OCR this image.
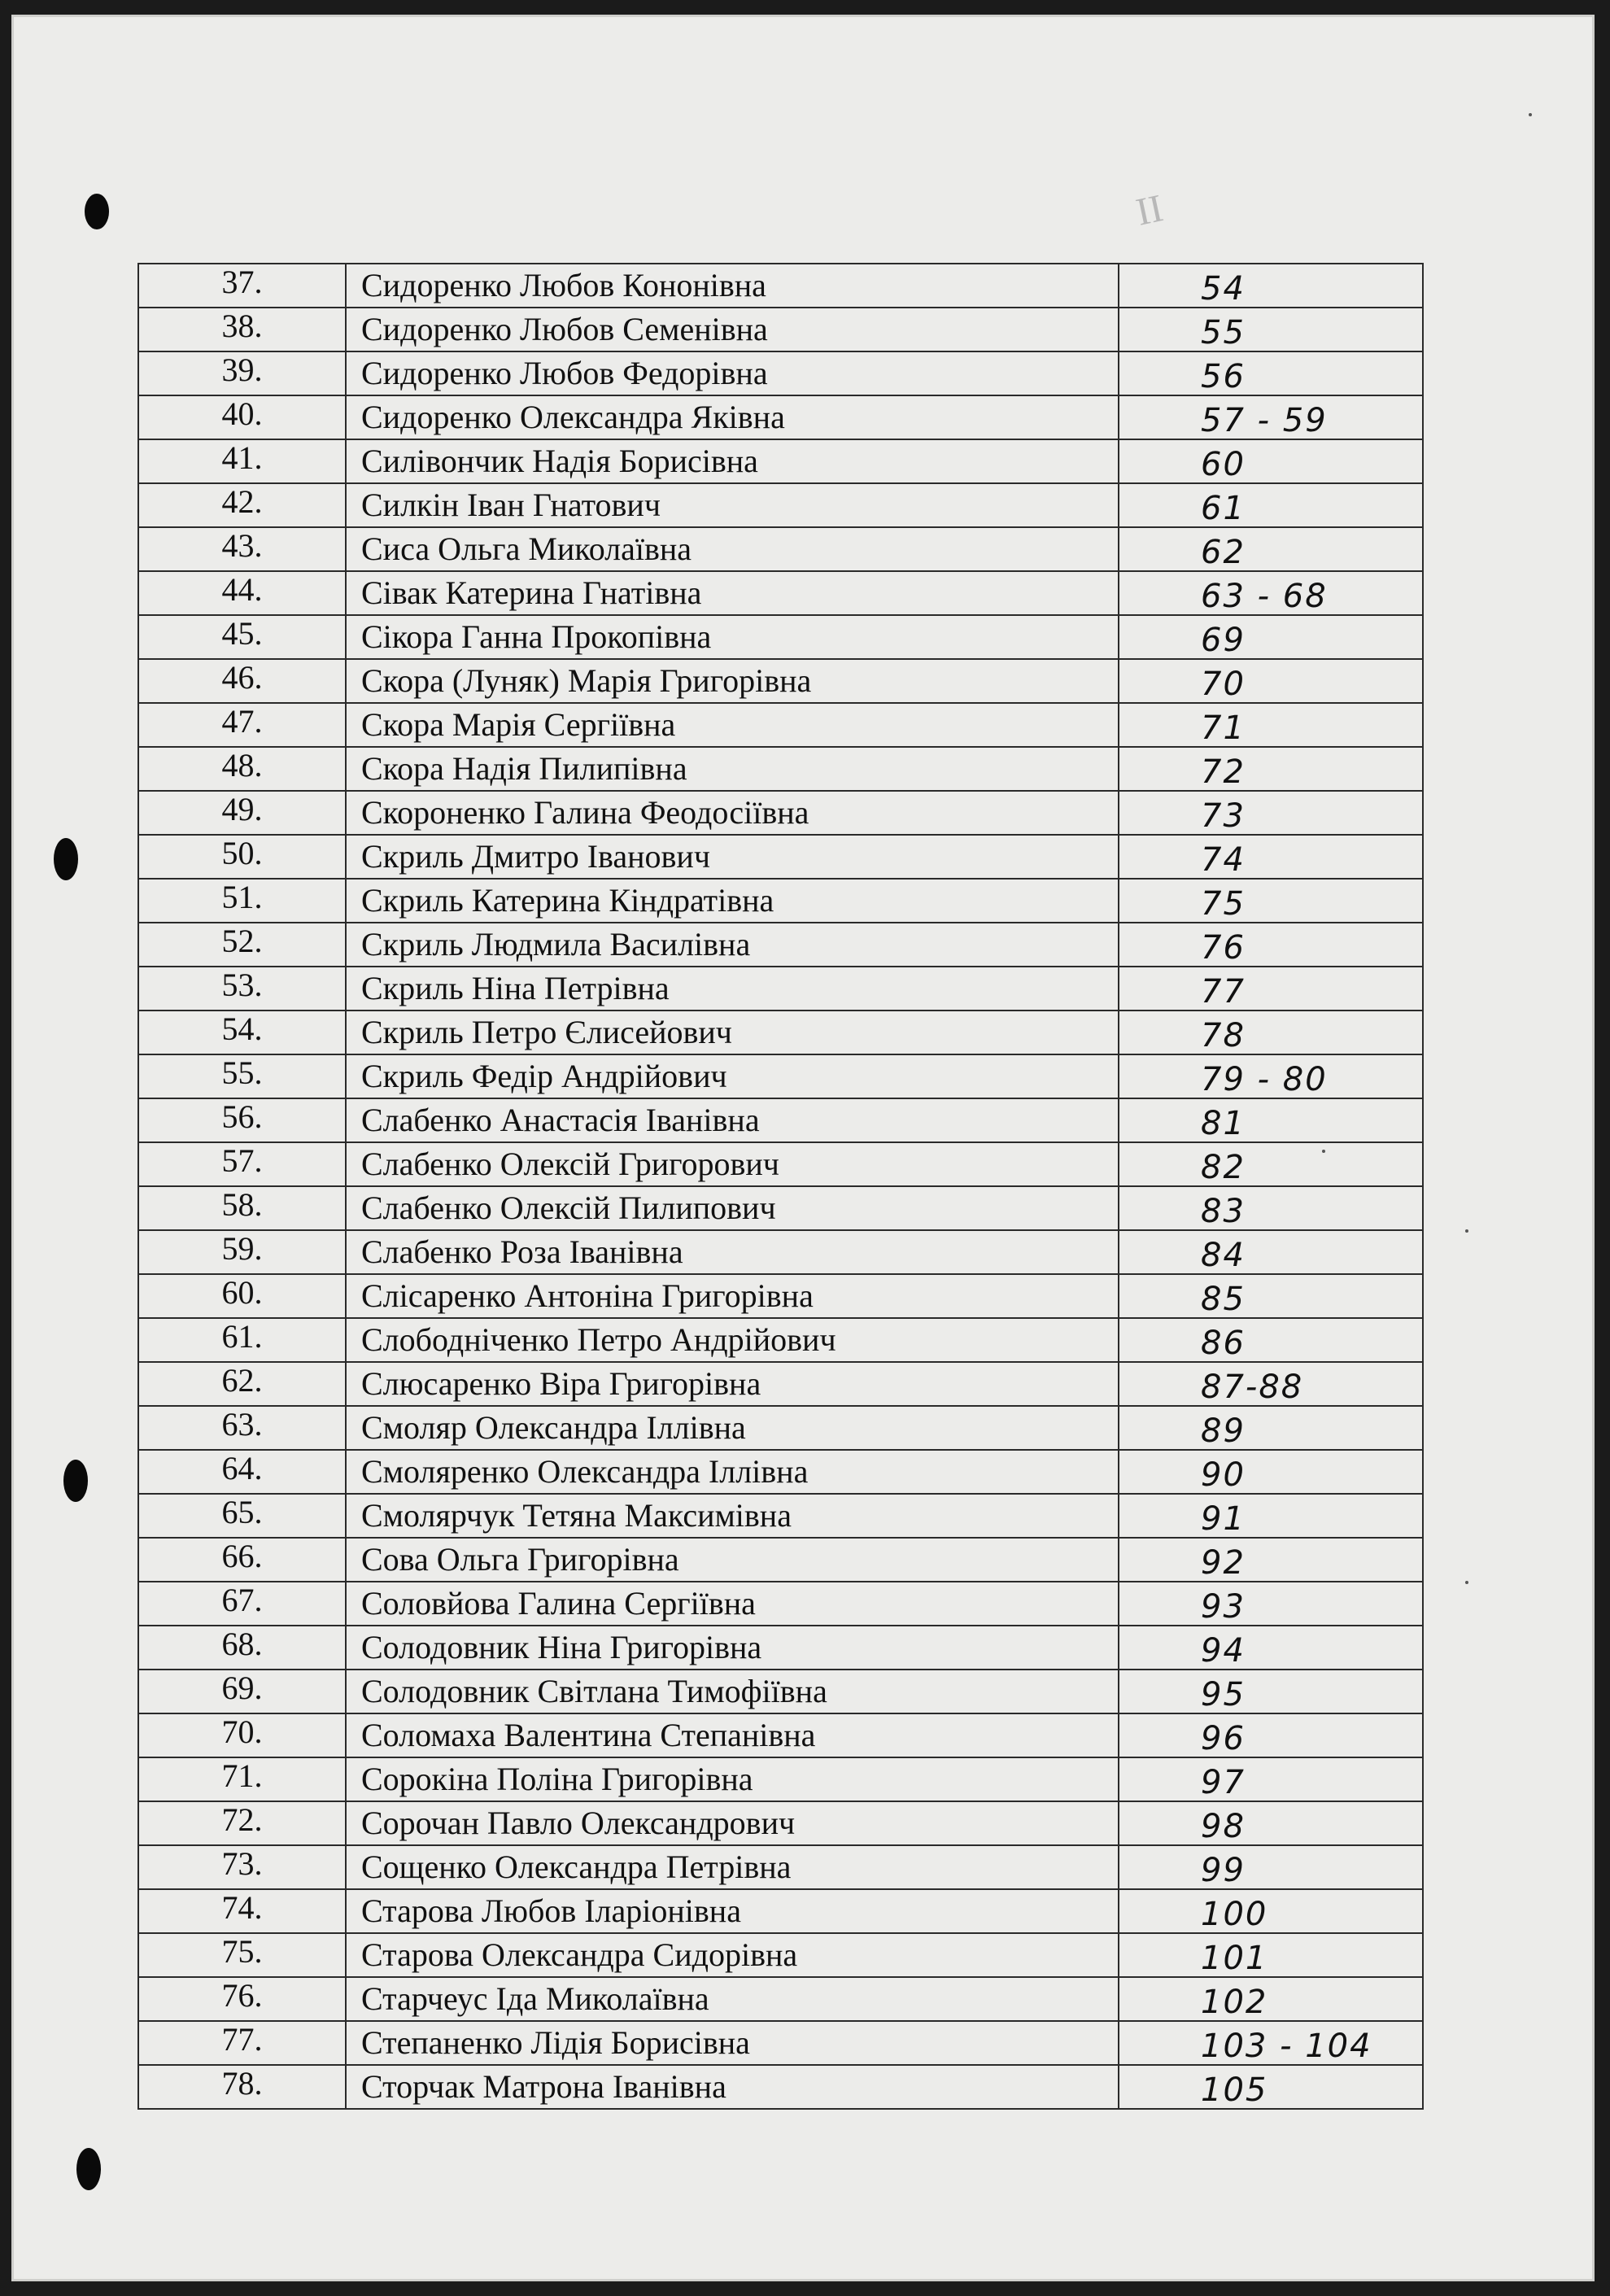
II
37.	Сидоренко Любов Кононівна	54
38.	Сидоренко Любов Семенівна	55
39.	Сидоренко Любов Федорівна	56
40.	Сидоренко Олександра Яківна	57 - 59
41.	Силівончик Надія Борисівна	60
42.	Силкін Іван Гнатович	61
43.	Сиса Ольга Миколаївна	62
44.	Сівак Катерина Гнатівна	63 - 68
45.	Сікора Ганна Прокопівна	69
46.	Скора (Луняк) Марія Григорівна	70
47.	Скора Марія Сергіївна	71
48.	Скора Надія Пилипівна	72
49.	Скороненко Галина Феодосіївна	73
50.	Скриль Дмитро Іванович	74
51.	Скриль Катерина Кіндратівна	75
52.	Скриль Людмила Василівна	76
53.	Скриль Ніна Петрівна	77
54.	Скриль Петро Єлисейович	78
55.	Скриль Федір Андрійович	79 - 80
56.	Слабенко Анастасія Іванівна	81
57.	Слабенко Олексій Григорович	82
58.	Слабенко Олексій Пилипович	83
59.	Слабенко Роза Іванівна	84
60.	Слісаренко Антоніна Григорівна	85
61.	Слободніченко Петро Андрійович	86
62.	Слюсаренко Віра Григорівна	87-88
63.	Смоляр Олександра Іллівна	89
64.	Смоляренко Олександра Іллівна	90
65.	Смолярчук Тетяна Максимівна	91
66.	Сова Ольга Григорівна	92
67.	Соловйова Галина Сергіївна	93
68.	Солодовник Ніна Григорівна	94
69.	Солодовник Світлана Тимофіївна	95
70.	Соломаха Валентина Степанівна	96
71.	Сорокіна Поліна Григорівна	97
72.	Сорочан Павло Олександрович	98
73.	Сощенко Олександра Петрівна	99
74.	Старова Любов Іларіонівна	100
75.	Старова Олександра Сидорівна	101
76.	Старчеус Іда Миколаївна	102
77.	Степаненко Лідія Борисівна	103 - 104
78.	Сторчак Матрона Іванівна	105
